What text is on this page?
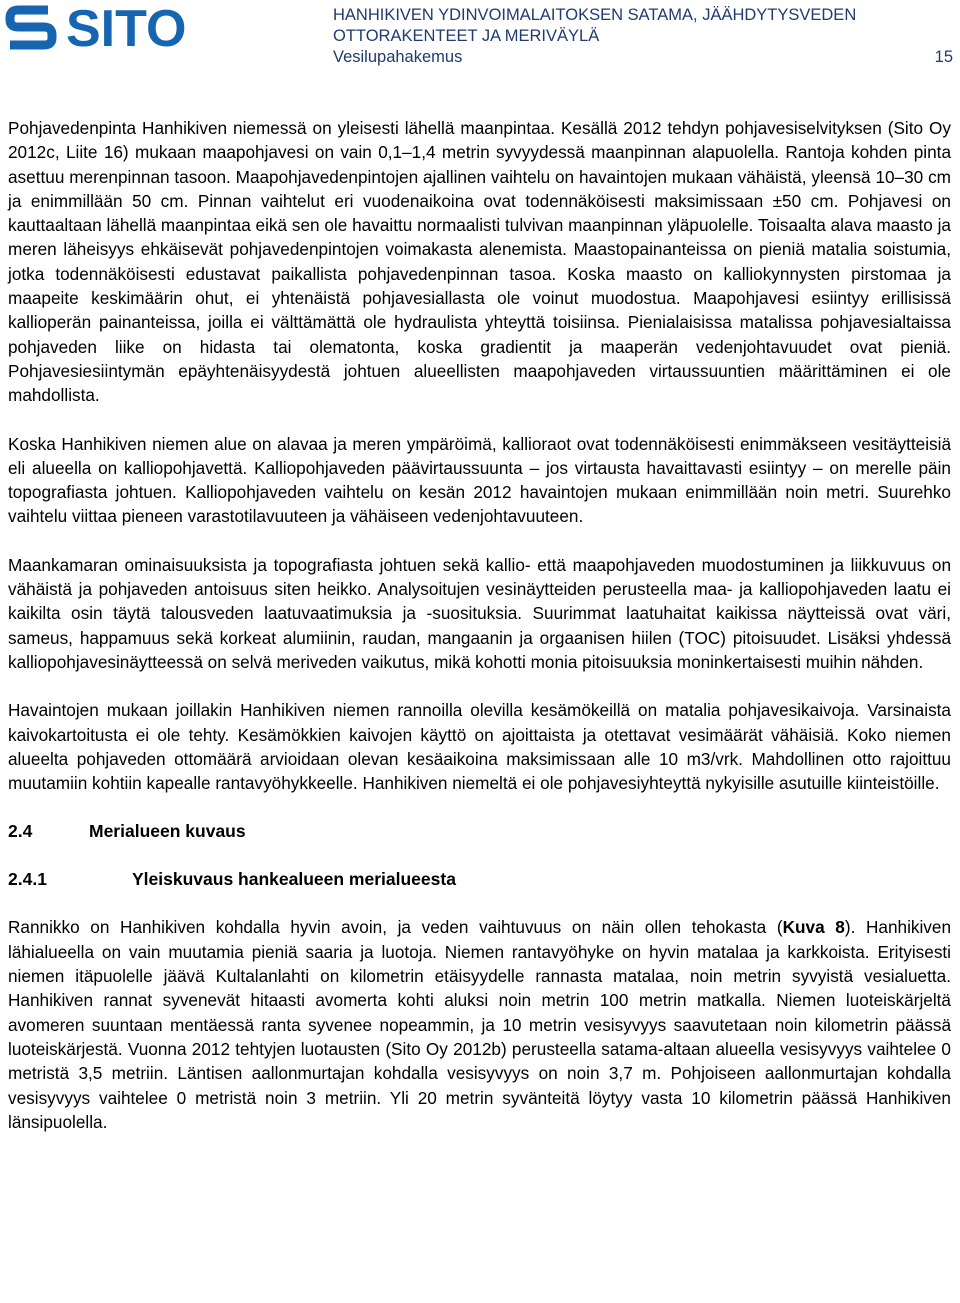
SITO	HANHIKIVEN YDINVOIMALAITOKSEN SATAMA, JÄÄHDYTYSVEDEN
OTTORAKENTEET JA MERIVÄYLÄ
Vesilupahakemus	15

Pohjavedenpinta Hanhikiven niemessä on yleisesti lähellä maanpintaa. Kesällä 2012 tehdyn pohjavesiselvityksen (Sito Oy 2012c, Liite 16) mukaan maapohjavesi on vain 0,1–1,4 metrin syvyydessä maanpinnan alapuolella. Rantoja kohden pinta asettuu merenpinnan tasoon. Maapohjavedenpintojen ajallinen vaihtelu on havaintojen mukaan vähäistä, yleensä 10–30 cm ja enimmillään 50 cm. Pinnan vaihtelut eri vuodenaikoina ovat todennäköisesti maksimissaan ±50 cm. Pohjavesi on kauttaaltaan lähellä maanpintaa eikä sen ole havaittu normaalisti tulvivan maanpinnan yläpuolelle. Toisaalta alava maasto ja meren läheisyys ehkäisevät pohjavedenpintojen voimakasta alenemista. Maastopainanteissa on pieniä matalia soistumia, jotka todennäköisesti edustavat paikallista pohjavedenpinnan tasoa. Koska maasto on kalliokynnysten pirstomaa ja maapeite keskimäärin ohut, ei yhtenäistä pohjavesiallasta ole voinut muodostua. Maapohjavesi esiintyy erillisissä kallioperän painanteissa, joilla ei välttämättä ole hydraulista yhteyttä toisiinsa. Pienialaisissa matalissa pohjavesialtaissa pohjaveden liike on hidasta tai olematonta, koska gradientit ja maaperän vedenjohtavuudet ovat pieniä. Pohjavesiesiintymän epäyhtenäisyydestä johtuen alueellisten maapohjaveden virtaussuuntien määrittäminen ei ole mahdollista.

Koska Hanhikiven niemen alue on alavaa ja meren ympäröimä, kallioraot ovat todennäköisesti enimmäkseen vesitäytteisiä eli alueella on kalliopohjavettä. Kalliopohjaveden päävirtaussuunta – jos virtausta havaittavasti esiintyy – on merelle päin topografiasta johtuen. Kalliopohjaveden vaihtelu on kesän 2012 havaintojen mukaan enimmillään noin metri. Suurehko vaihtelu viittaa pieneen varastotilavuuteen ja vähäiseen vedenjohtavuuteen.

Maankamaran ominaisuuksista ja topografiasta johtuen sekä kallio- että maapohjaveden muodostuminen ja liikkuvuus on vähäistä ja pohjaveden antoisuus siten heikko. Analysoitujen vesinäytteiden perusteella maa- ja kalliopohjaveden laatu ei kaikilta osin täytä talousveden laatuvaatimuksia ja -suosituksia. Suurimmat laatuhaitat kaikissa näytteissä ovat väri, sameus, happamuus sekä korkeat alumiinin, raudan, mangaanin ja orgaanisen hiilen (TOC) pitoisuudet. Lisäksi yhdessä kalliopohjavesinäytteessä on selvä meriveden vaikutus, mikä kohotti monia pitoisuuksia moninkertaisesti muihin nähden.

Havaintojen mukaan joillakin Hanhikiven niemen rannoilla olevilla kesämökeillä on matalia pohjavesikaivoja. Varsinaista kaivokartoitusta ei ole tehty. Kesämökkien kaivojen käyttö on ajoittaista ja otettavat vesimäärät vähäisiä. Koko niemen alueelta pohjaveden ottomäärä arvioidaan olevan kesäaikoina maksimissaan alle 10 m3/vrk. Mahdollinen otto rajoittuu muutamiin kohtiin kapealle rantavyöhykkeelle. Hanhikiven niemeltä ei ole pohjavesiyhteyttä nykyisille asutuille kiinteistöille.

2.4	Merialueen kuvaus
2.4.1	Yleiskuvaus hankealueen merialueesta

Rannikko on Hanhikiven kohdalla hyvin avoin, ja veden vaihtuvuus on näin ollen tehokasta (Kuva 8). Hanhikiven lähialueella on vain muutamia pieniä saaria ja luotoja. Niemen rantavyöhyke on hyvin matalaa ja karkkoista. Erityisesti niemen itäpuolelle jäävä Kultalanlahti on kilometrin etäisyydelle rannasta matalaa, noin metrin syvyistä vesialuetta. Hanhikiven rannat syvenevät hitaasti avomerta kohti aluksi noin metrin 100 metrin matkalla. Niemen luoteiskärjeltä avomeren suuntaan mentäessä ranta syvenee nopeammin, ja 10 metrin vesisyvyys saavutetaan noin kilometrin päässä luoteiskärjestä. Vuonna 2012 tehtyjen luotausten (Sito Oy 2012b) perusteella satama-altaan alueella vesisyvyys vaihtelee 0 metristä 3,5 metriin. Läntisen aallonmurtajan kohdalla vesisyvyys on noin 3,7 m. Pohjoiseen aallonmurtajan kohdalla vesisyvyys vaihtelee 0 metristä noin 3 metriin. Yli 20 metrin syvänteitä löytyy vasta 10 kilometrin päässä Hanhikiven länsipuolella.
